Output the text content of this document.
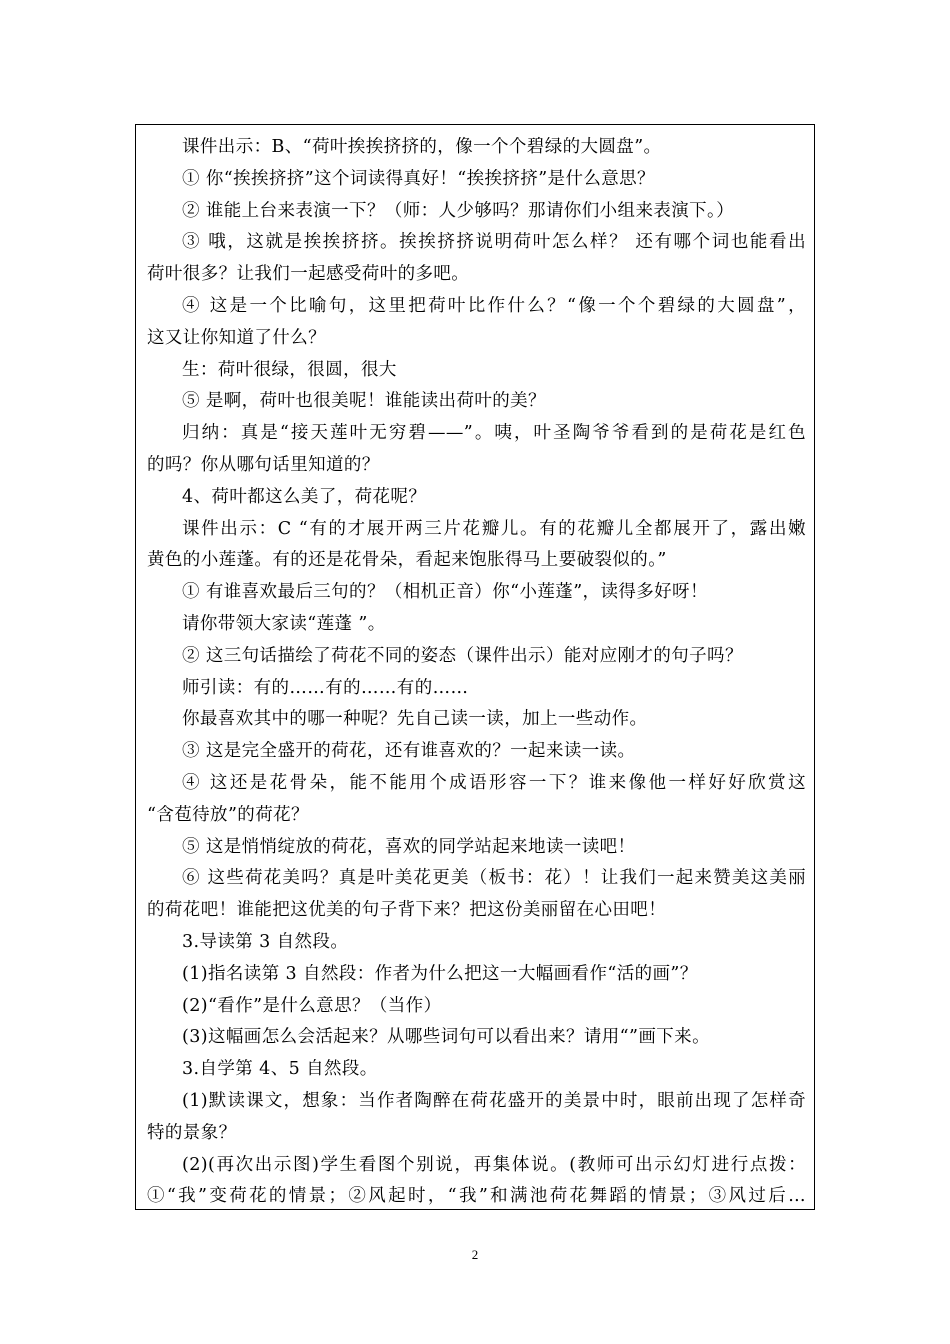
课件出示：B、“荷叶挨挨挤挤的，像一个个碧绿的大圆盘”。
① 你“挨挨挤挤”这个词读得真好！“挨挨挤挤”是什么意思？
② 谁能上台来表演一下？（师：人少够吗？那请你们小组来表演下。）
③ 哦，这就是挨挨挤挤。挨挨挤挤说明荷叶怎么样？ 还有哪个词也能看出
荷叶很多？让我们一起感受荷叶的多吧。
④ 这是一个比喻句，这里把荷叶比作什么？“像一个个碧绿的大圆盘”，
这又让你知道了什么？
生：荷叶很绿，很圆，很大
⑤ 是啊，荷叶也很美呢！谁能读出荷叶的美？
归纳：真是“接天莲叶无穷碧——”。咦，叶圣陶爷爷看到的是荷花是红色
的吗？你从哪句话里知道的？
4、荷叶都这么美了，荷花呢？
课件出示：C “有的才展开两三片花瓣儿。有的花瓣儿全都展开了，露出嫩
黄色的小莲蓬。有的还是花骨朵，看起来饱胀得马上要破裂似的。”
① 有谁喜欢最后三句的？（相机正音）你“小莲蓬”，读得多好呀！
请你带领大家读“莲蓬 ”。
② 这三句话描绘了荷花不同的姿态（课件出示）能对应刚才的句子吗？
师引读：有的……有的……有的……
你最喜欢其中的哪一种呢？先自己读一读，加上一些动作。
③ 这是完全盛开的荷花，还有谁喜欢的？一起来读一读。
④ 这还是花骨朵，能不能用个成语形容一下？谁来像他一样好好欣赏这
“含苞待放”的荷花？
⑤ 这是悄悄绽放的荷花，喜欢的同学站起来地读一读吧！
⑥ 这些荷花美吗？真是叶美花更美（板书：花）！让我们一起来赞美这美丽
的荷花吧！谁能把这优美的句子背下来？把这份美丽留在心田吧！
3.导读第 3 自然段。
(1)指名读第 3 自然段：作者为什么把这一大幅画看作“活的画”？
(2)“看作”是什么意思？（当作）
(3)这幅画怎么会活起来？从哪些词句可以看出来？请用“”画下来。
3.自学第 4、5 自然段。
(1)默读课文，想象：当作者陶醉在荷花盛开的美景中时，眼前出现了怎样奇
特的景象？
(2)(再次出示图)学生看图个别说，再集体说。(教师可出示幻灯进行点拨：
①“我”变荷花的情景；②风起时，“我”和满池荷花舞蹈的情景；③风过后…
2
